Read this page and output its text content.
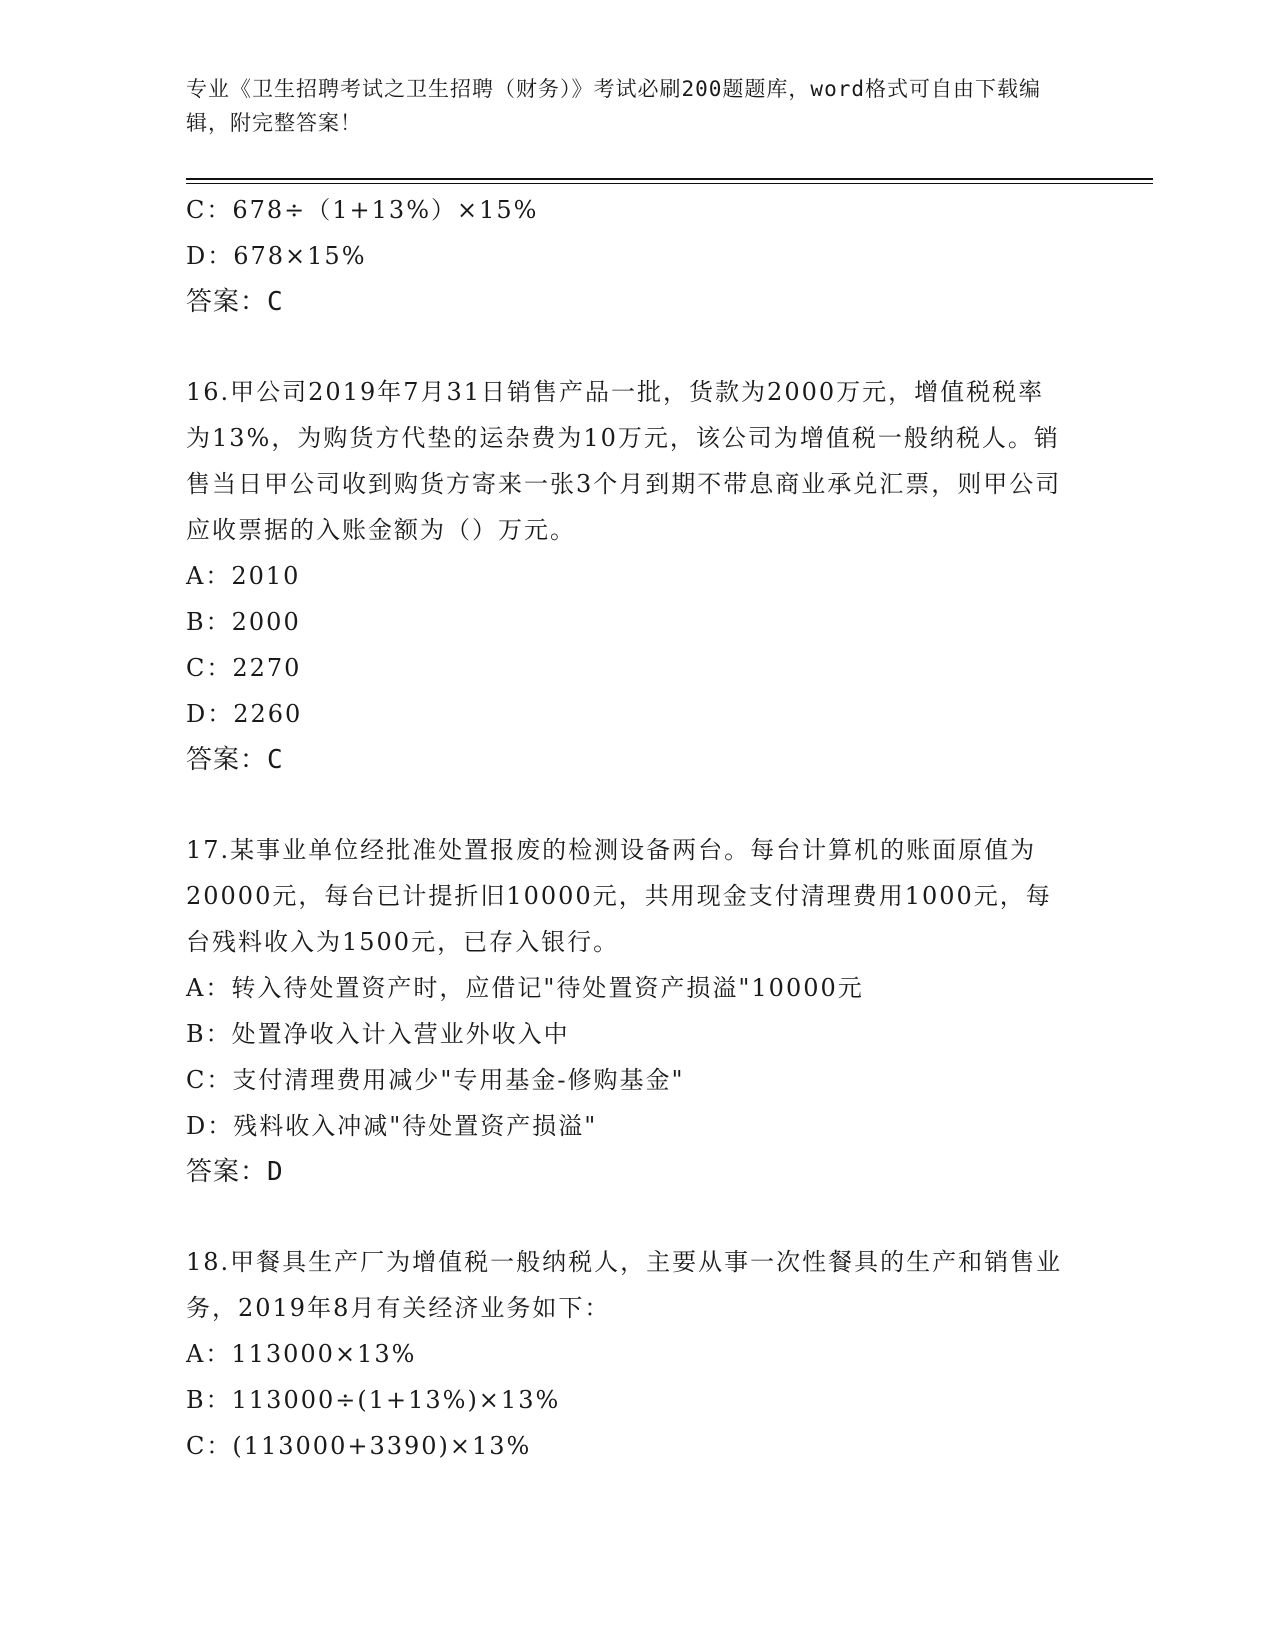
专业《卫生招聘考试之卫生招聘（财务）》考试必刷200题题库，word格式可自由下载编辑，附完整答案！
C：678÷（1+13%）×15%
D：678×15%
答案：C
16.甲公司2019年7月31日销售产品一批，货款为2000万元，增值税税率为13%，为购货方代垫的运杂费为10万元，该公司为增值税一般纳税人。销售当日甲公司收到购货方寄来一张3个月到期不带息商业承兑汇票，则甲公司应收票据的入账金额为（）万元。
A：2010
B：2000
C：2270
D：2260
答案：C
17.某事业单位经批准处置报废的检测设备两台。每台计算机的账面原值为20000元，每台已计提折旧10000元，共用现金支付清理费用1000元，每台残料收入为1500元，已存入银行。
A：转入待处置资产时，应借记"待处置资产损溢"10000元
B：处置净收入计入营业外收入中
C：支付清理费用减少"专用基金-修购基金"
D：残料收入冲减"待处置资产损溢"
答案：D
18.甲餐具生产厂为增值税一般纳税人，主要从事一次性餐具的生产和销售业务，2019年8月有关经济业务如下：
A：113000×13%
B：113000÷(1+13%)×13%
C：(113000+3390)×13%
